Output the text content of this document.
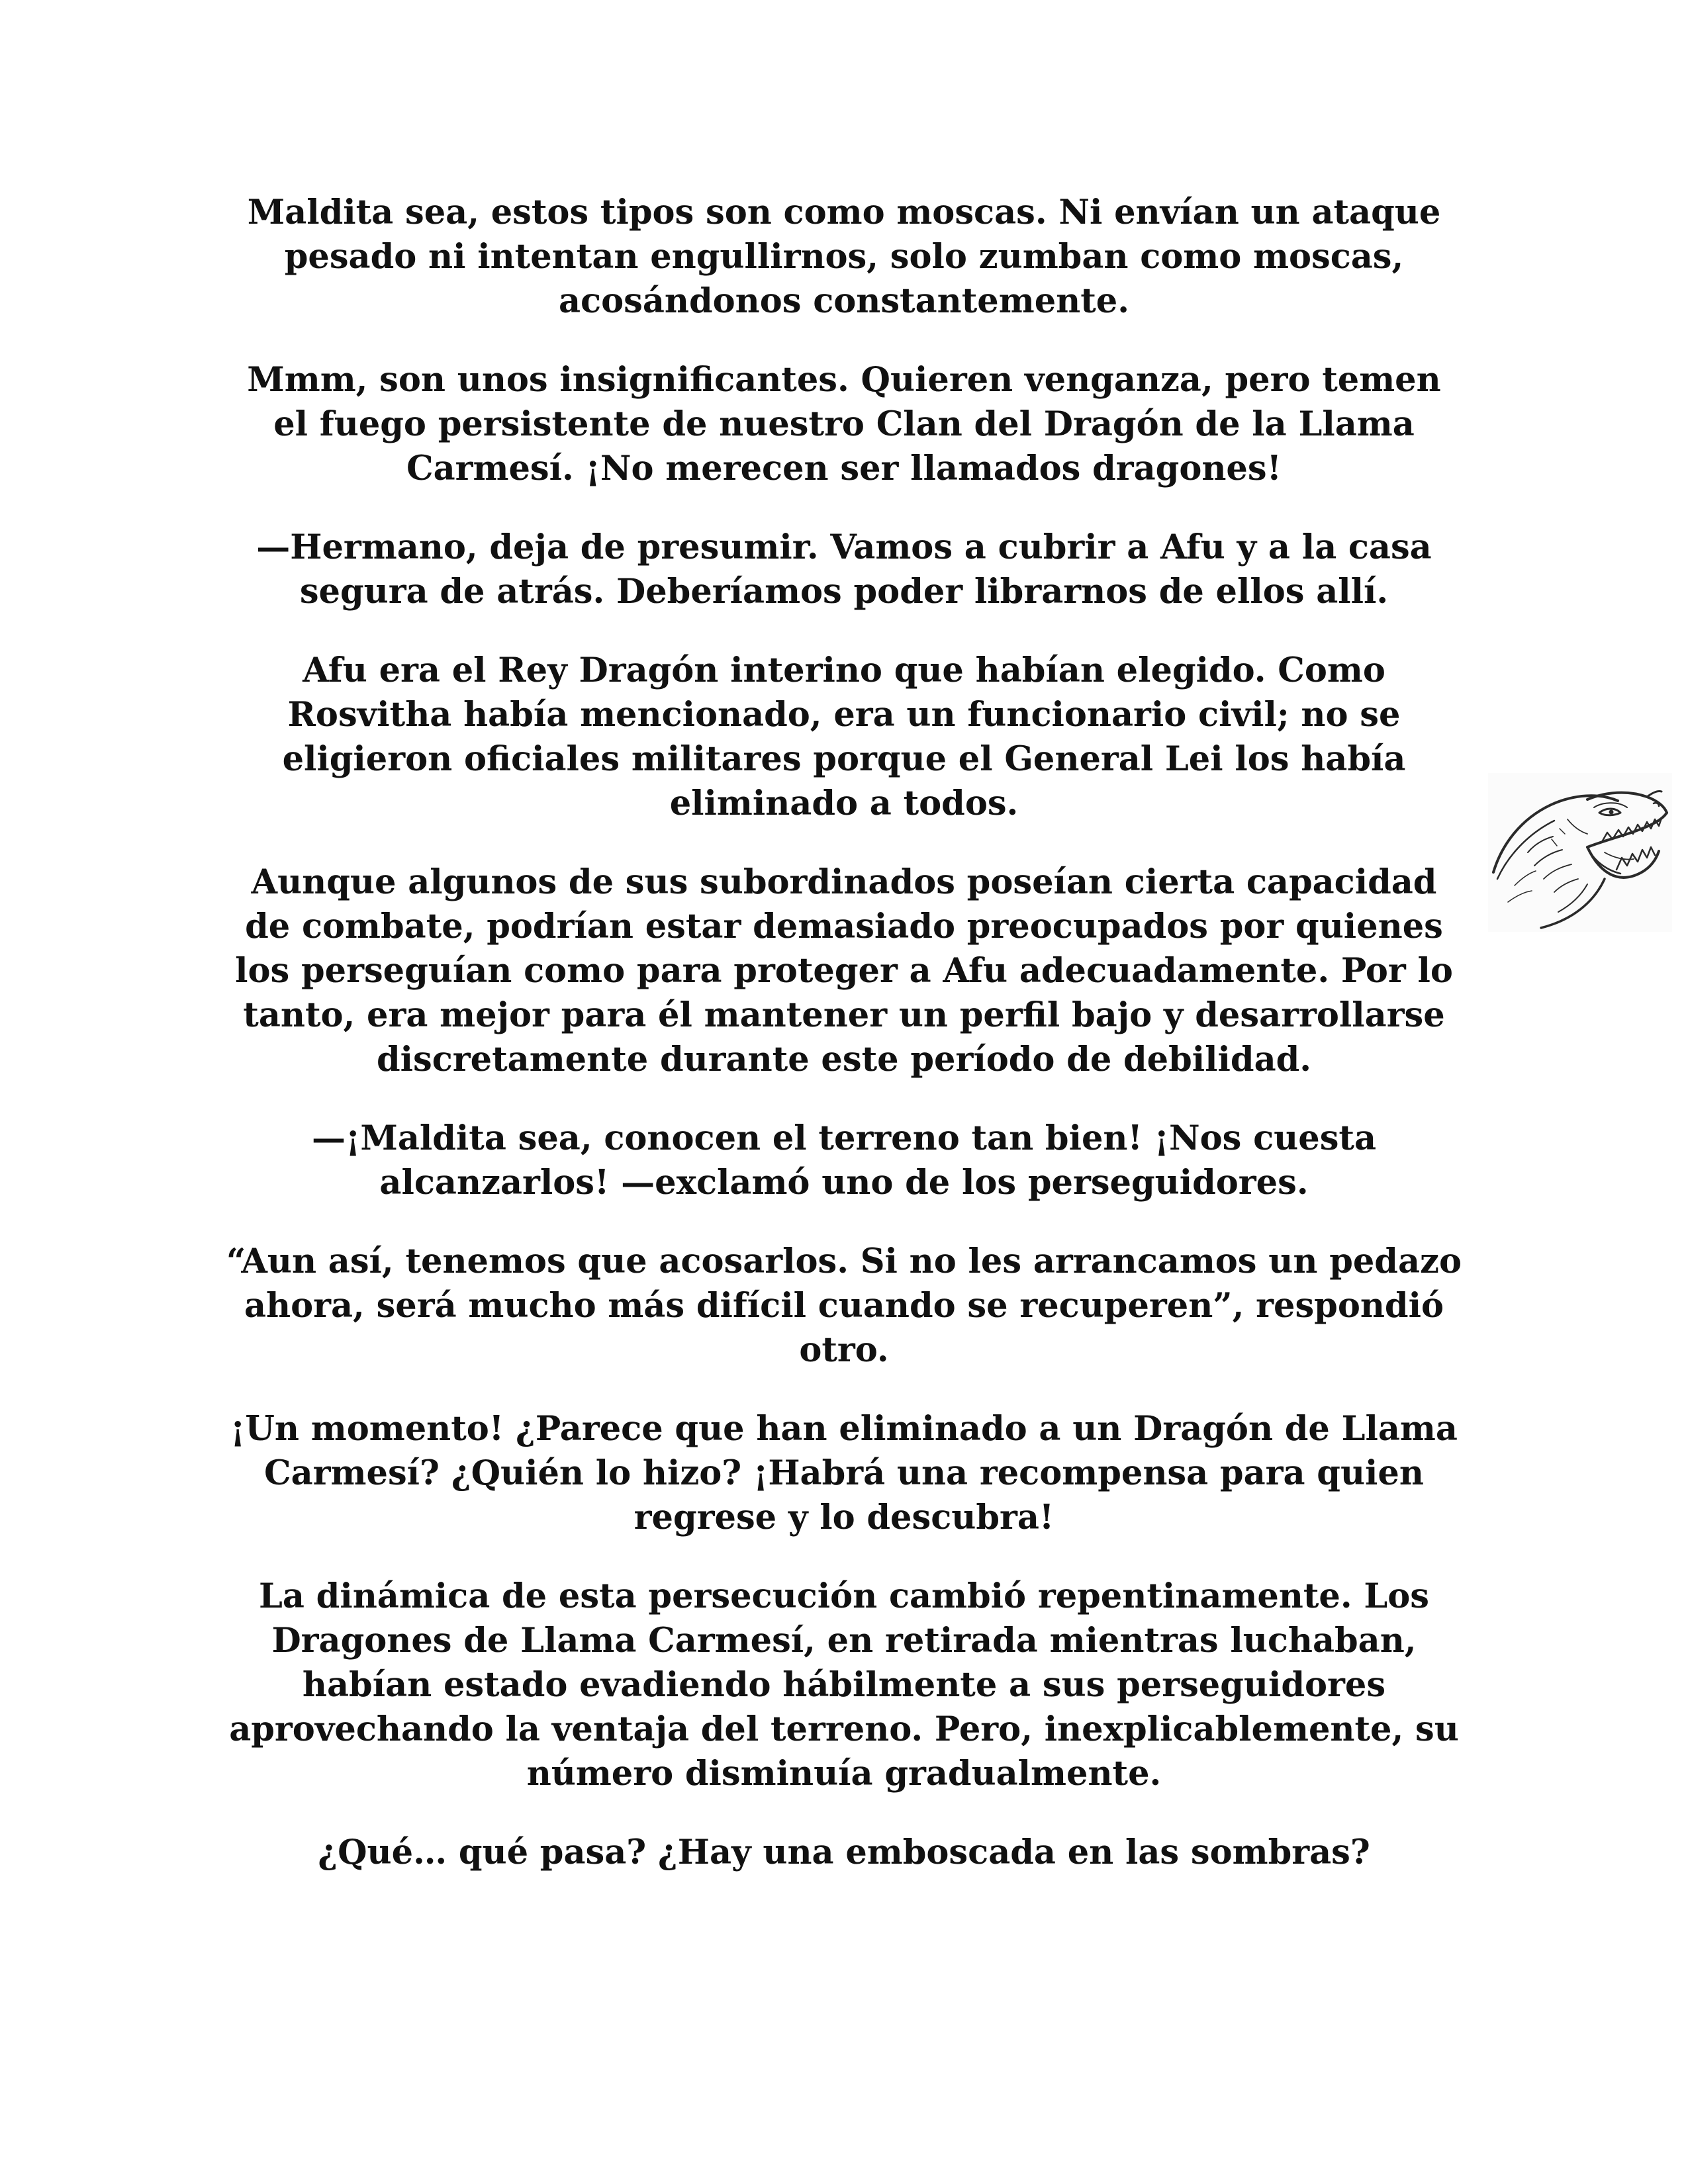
Maldita sea, estos tipos son como moscas. Ni envían un ataque pesado ni intentan engullirnos, solo zumban como moscas, acosándonos constantemente.

Mmm, son unos insignificantes. Quieren venganza, pero temen el fuego persistente de nuestro Clan del Dragón de la Llama Carmesí. ¡No merecen ser llamados dragones!

—Hermano, deja de presumir. Vamos a cubrir a Afu y a la casa segura de atrás. Deberíamos poder librarnos de ellos allí.

Afu era el Rey Dragón interino que habían elegido. Como Rosvitha había mencionado, era un funcionario civil; no se eligieron oficiales militares porque el General Lei los había eliminado a todos.

Aunque algunos de sus subordinados poseían cierta capacidad de combate, podrían estar demasiado preocupados por quienes los perseguían como para proteger a Afu adecuadamente. Por lo tanto, era mejor para él mantener un perfil bajo y desarrollarse discretamente durante este período de debilidad.

—¡Maldita sea, conocen el terreno tan bien! ¡Nos cuesta alcanzarlos! —exclamó uno de los perseguidores.

“Aun así, tenemos que acosarlos. Si no les arrancamos un pedazo ahora, será mucho más difícil cuando se recuperen”, respondió otro.

¡Un momento! ¿Parece que han eliminado a un Dragón de Llama Carmesí? ¿Quién lo hizo? ¡Habrá una recompensa para quien regrese y lo descubra!

La dinámica de esta persecución cambió repentinamente. Los Dragones de Llama Carmesí, en retirada mientras luchaban, habían estado evadiendo hábilmente a sus perseguidores aprovechando la ventaja del terreno. Pero, inexplicablemente, su número disminuía gradualmente.

¿Qué… qué pasa? ¿Hay una emboscada en las sombras?
